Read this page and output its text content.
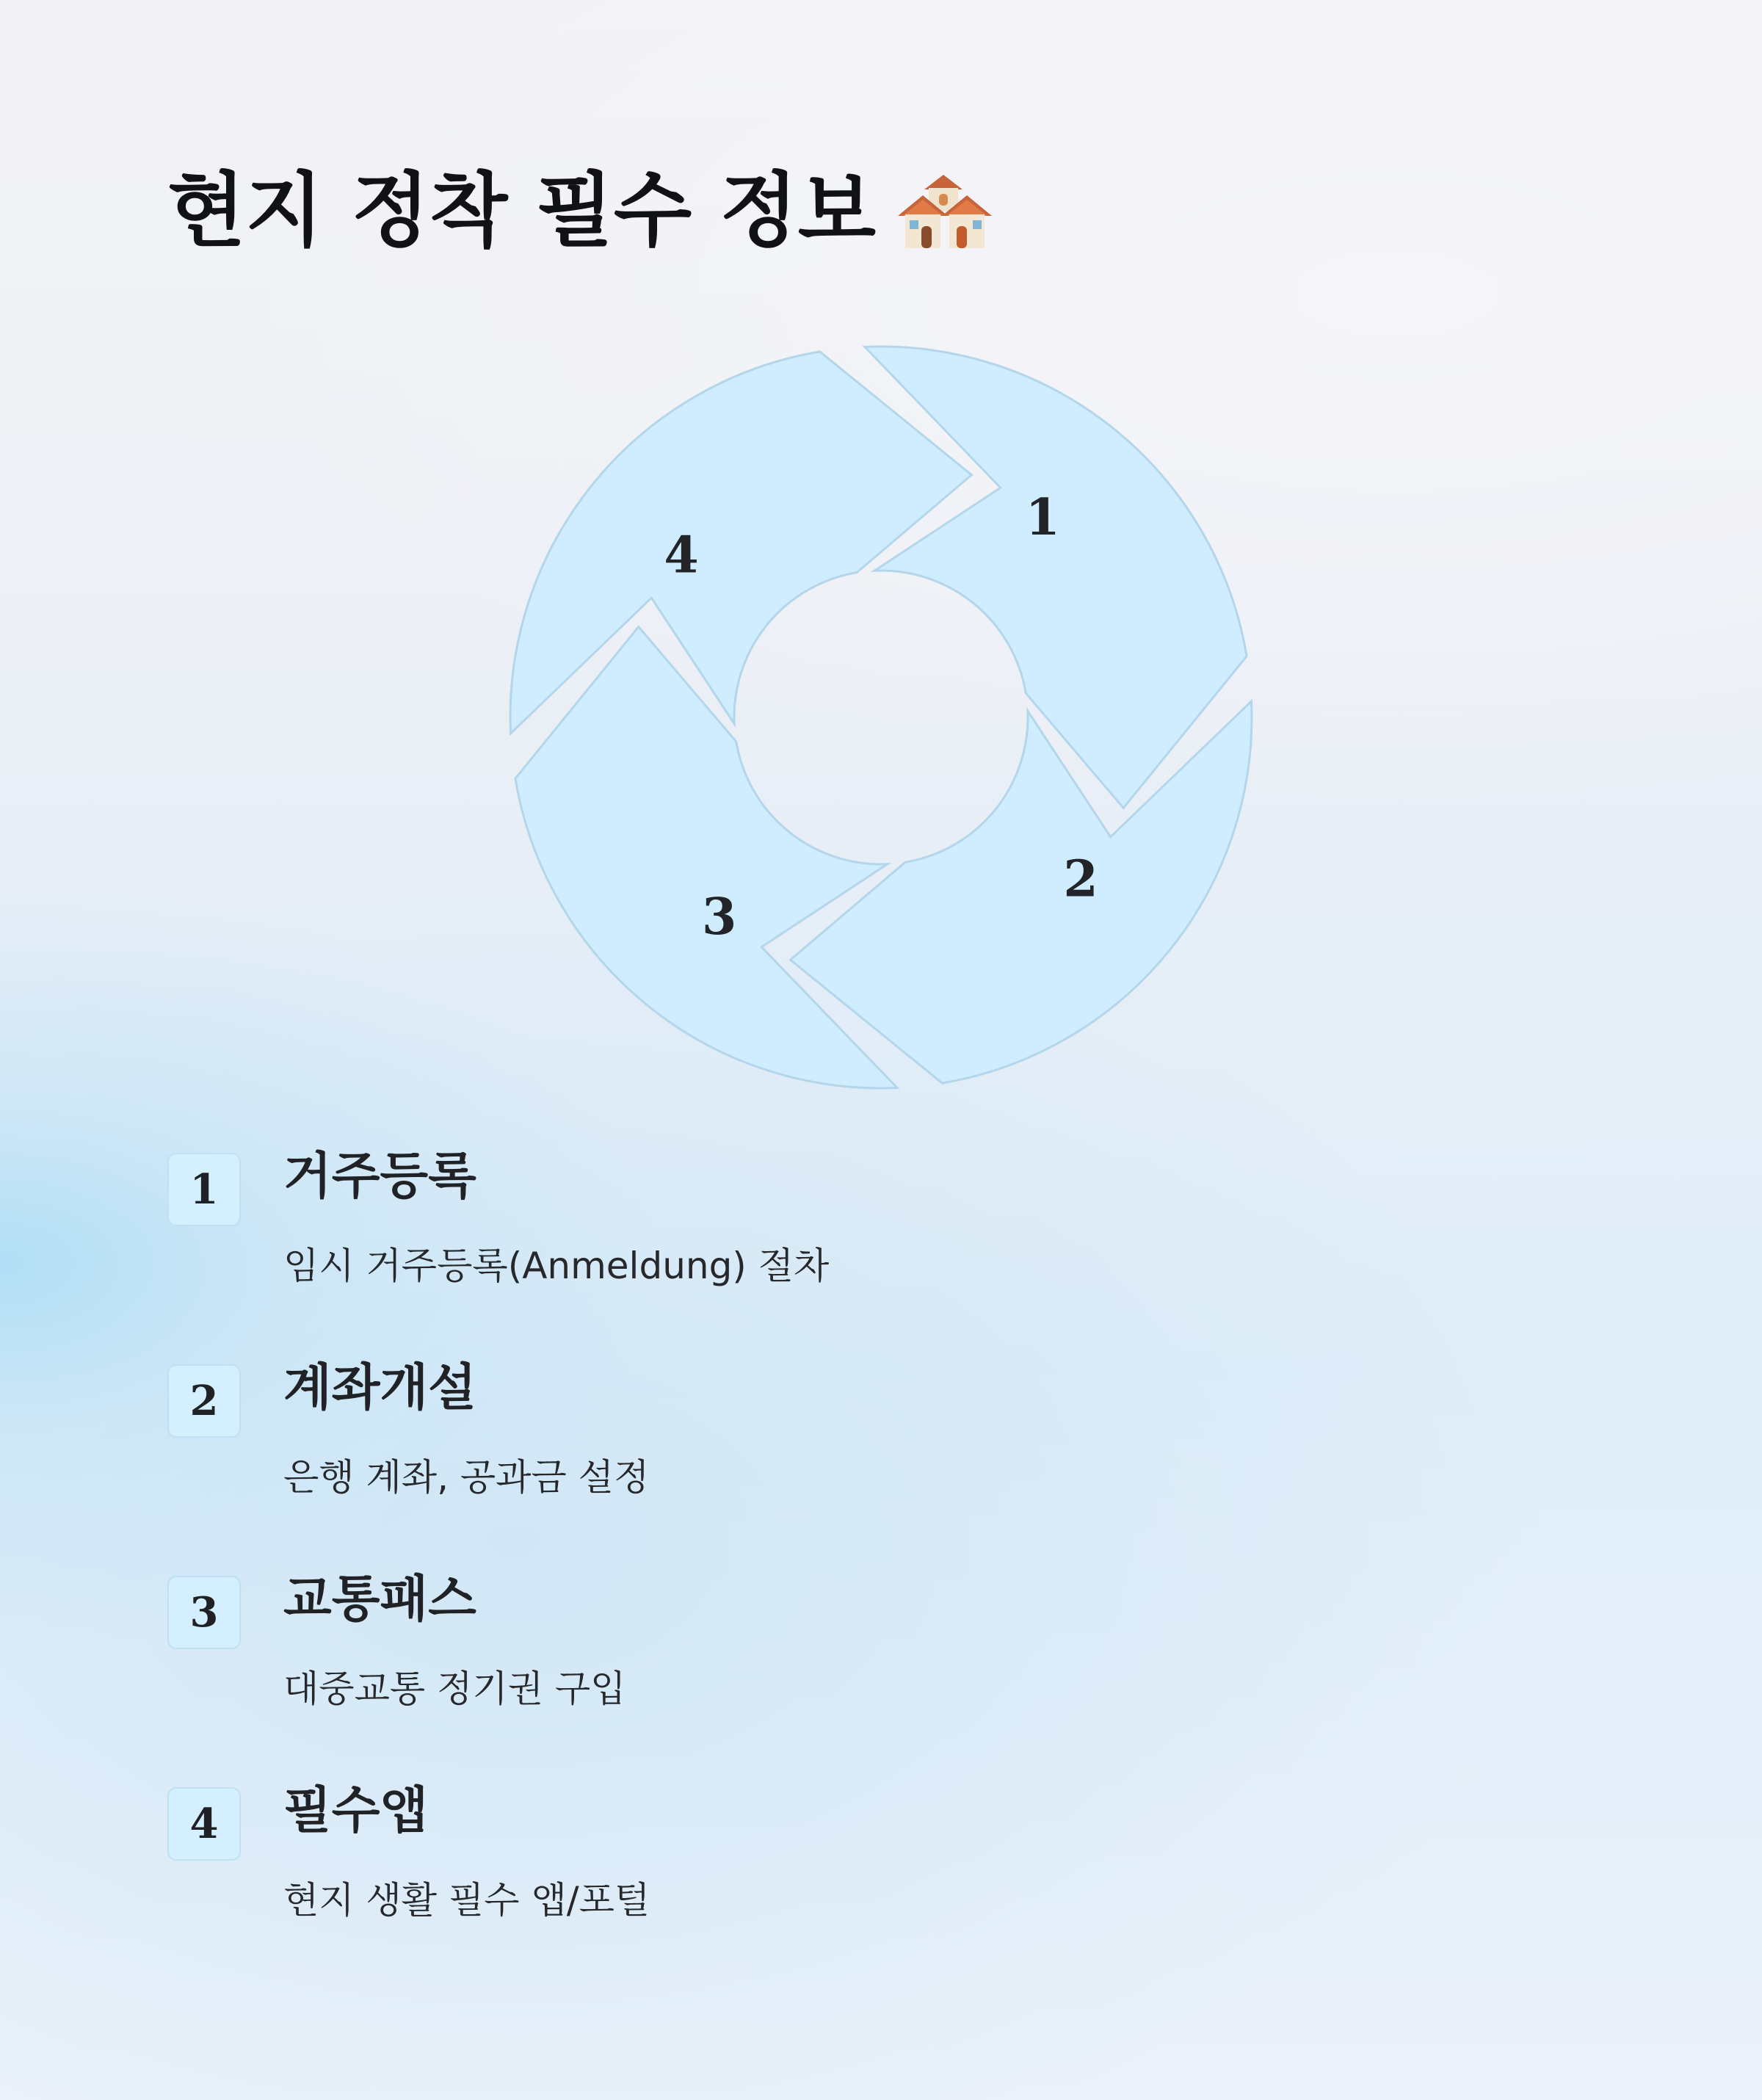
현지 정착 필수 정보
1
2
3
4
1	거주등록
임시 거주등록(Anmeldung) 절차
2	계좌개설
은행 계좌, 공과금 설정
3	교통패스
대중교통 정기권 구입
4	필수앱
현지 생활 필수 앱/포털
